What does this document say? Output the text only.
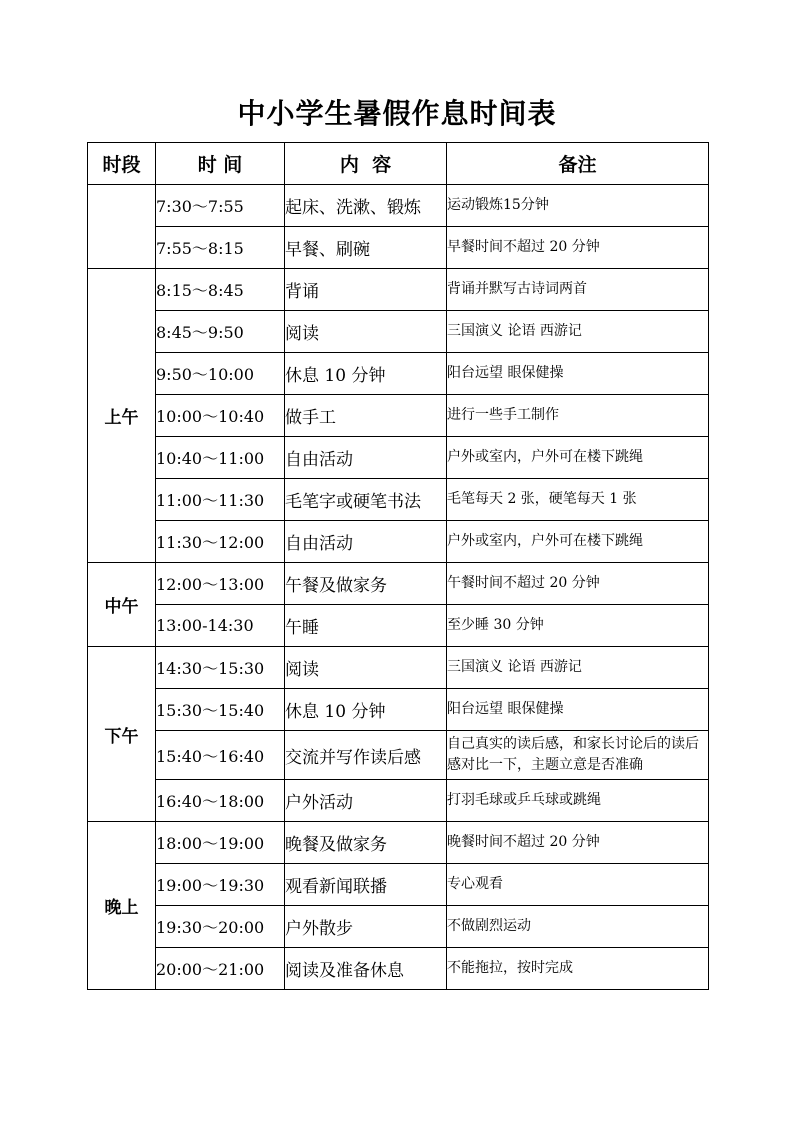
中小学生暑假作息时间表
时段	时 间	内  容	备注
	7:30～7:55	起床、洗漱、锻炼	运动锻炼15分钟
	7:55～8:15	早餐、刷碗	早餐时间不超过 20 分钟
上午	8:15～8:45	背诵	背诵并默写古诗词两首
	8:45～9:50	阅读	三国演义 论语 西游记
	9:50～10:00	休息 10 分钟	阳台远望 眼保健操
	10:00～10:40	做手工	进行一些手工制作
	10:40～11:00	自由活动	户外或室内，户外可在楼下跳绳
	11:00～11:30	毛笔字或硬笔书法	毛笔每天 2 张，硬笔每天 1 张
	11:30～12:00	自由活动	户外或室内，户外可在楼下跳绳
中午	12:00～13:00	午餐及做家务	午餐时间不超过 20 分钟
	13:00-14:30	午睡	至少睡 30 分钟
下午	14:30～15:30	阅读	三国演义 论语 西游记
	15:30～15:40	休息 10 分钟	阳台远望 眼保健操
	15:40～16:40	交流并写作读后感	自己真实的读后感，和家长讨论后的读后感对比一下，主题立意是否准确
	16:40～18:00	户外活动	打羽毛球或乒乓球或跳绳
晚上	18:00～19:00	晚餐及做家务	晚餐时间不超过 20 分钟
	19:00～19:30	观看新闻联播	专心观看
	19:30～20:00	户外散步	不做剧烈运动
	20:00～21:00	阅读及准备休息	不能拖拉，按时完成
